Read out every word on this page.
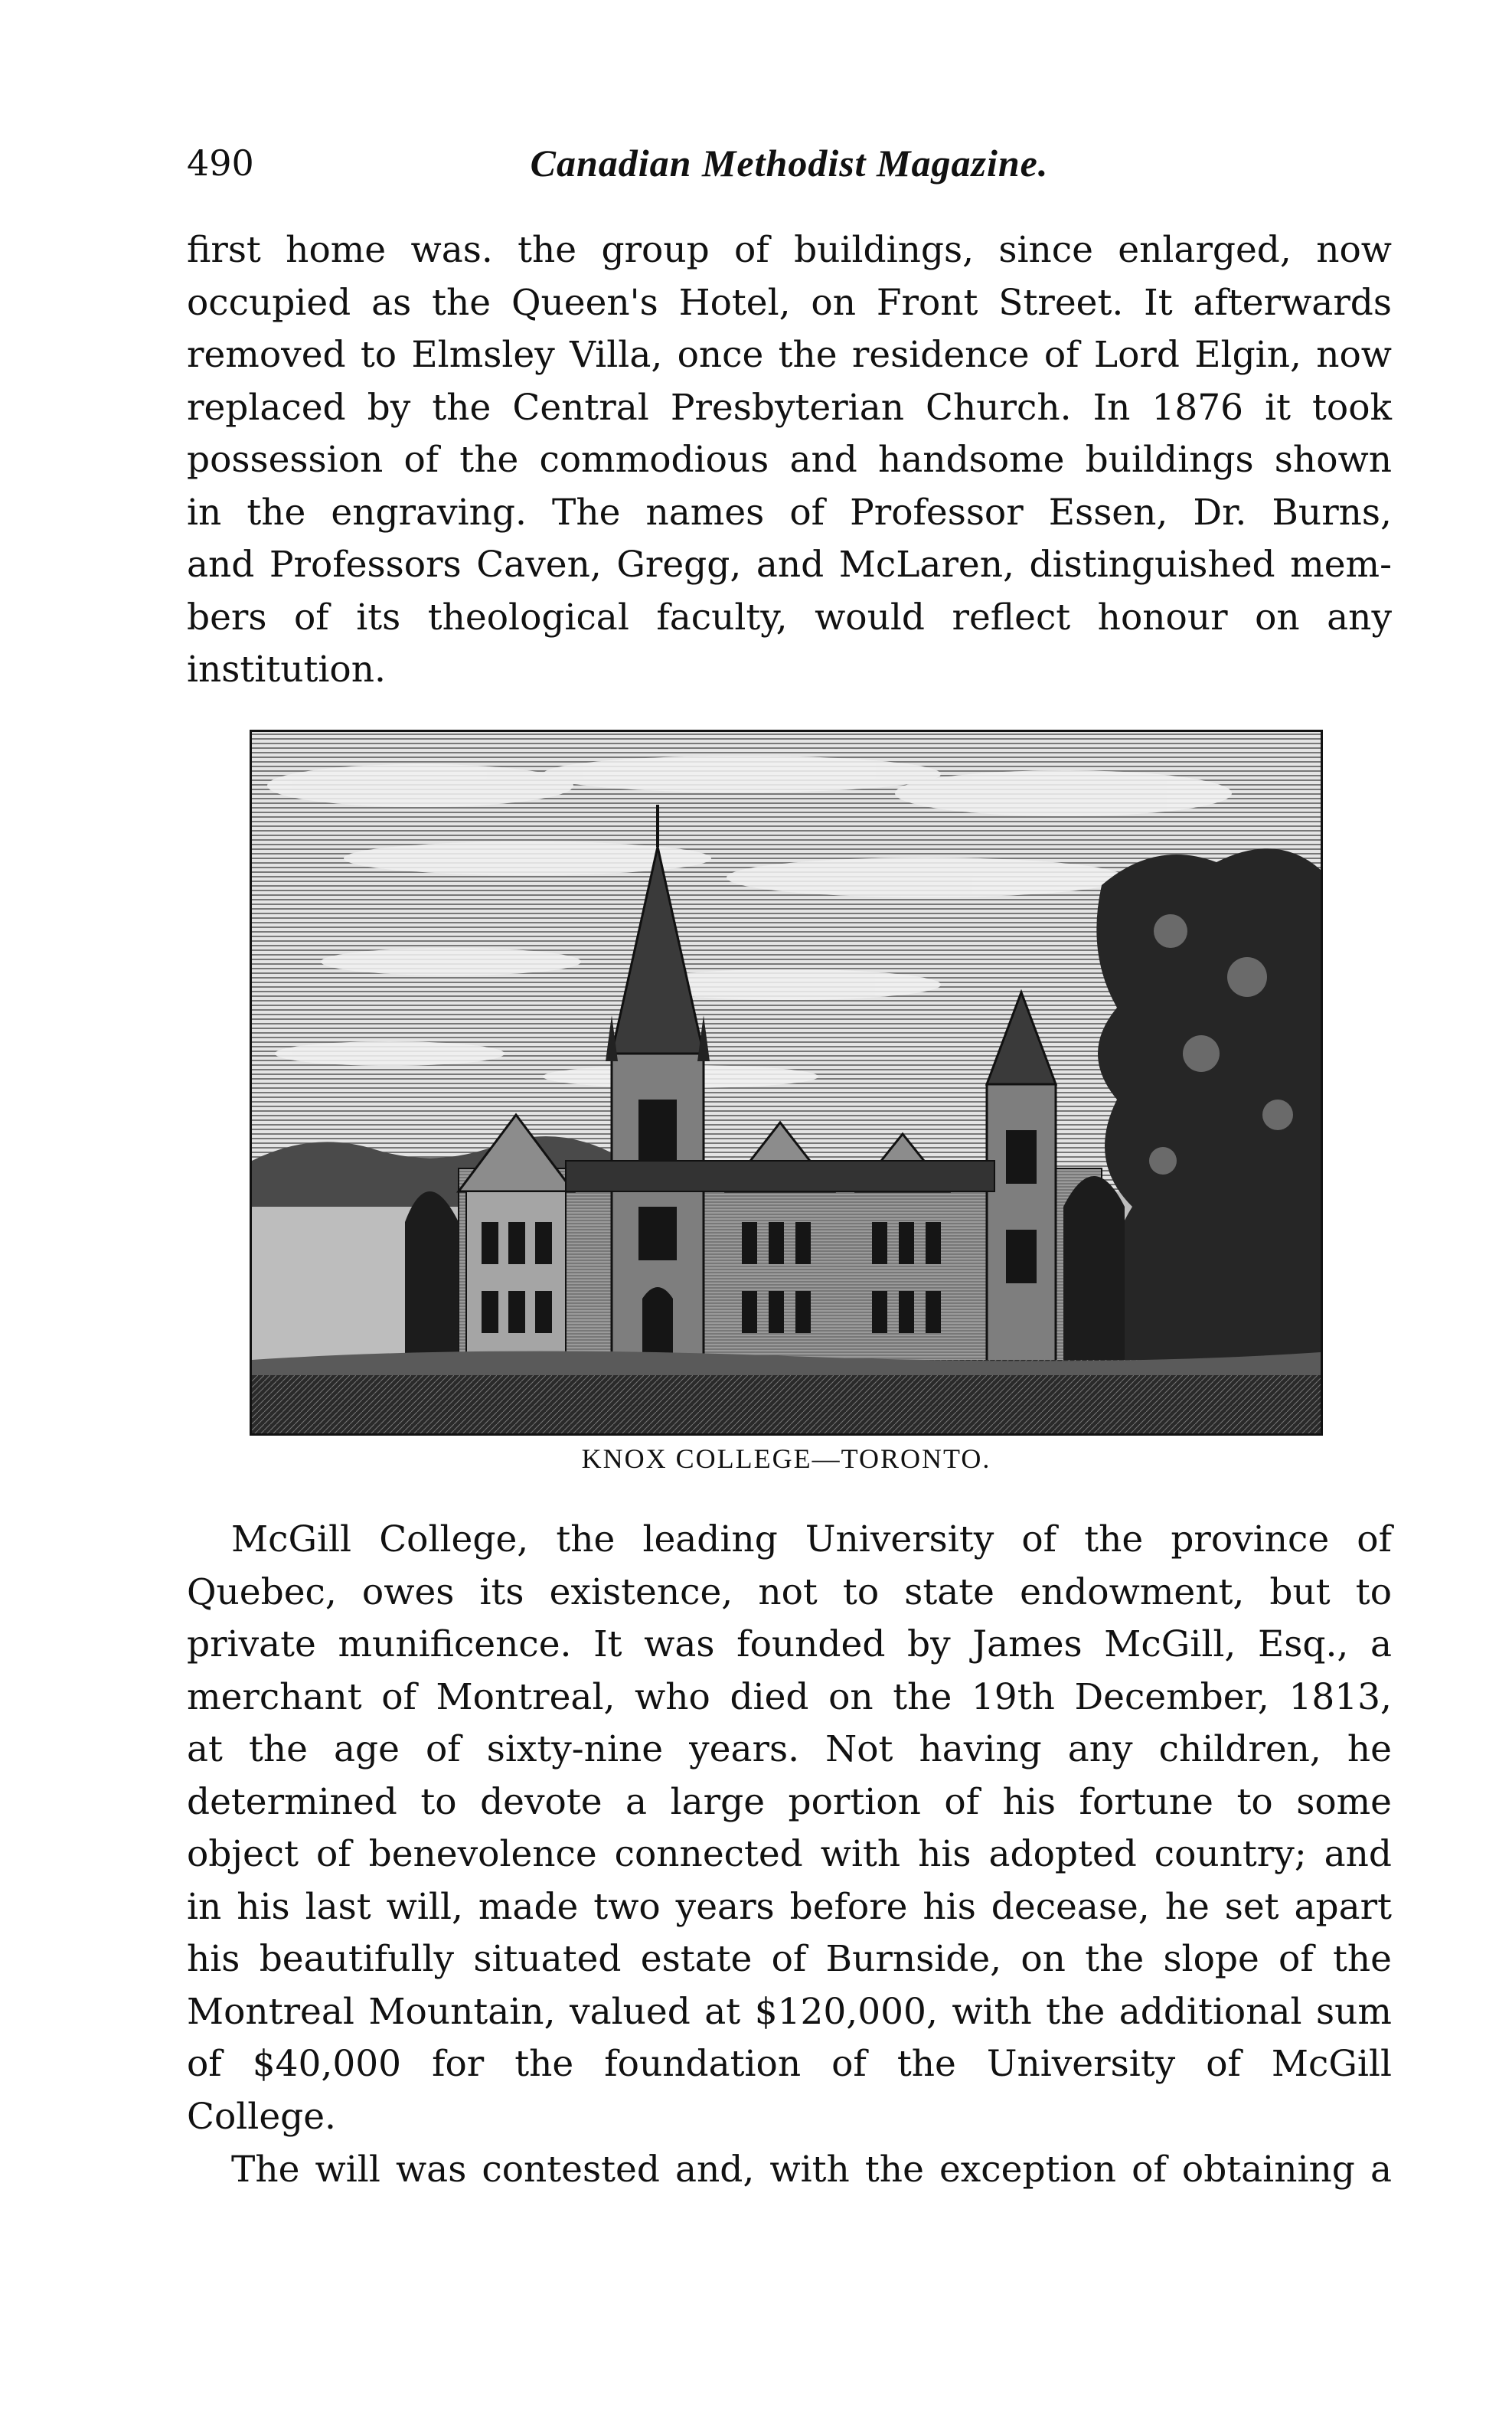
490	Canadian Methodist Magazine.

first home was. the group of buildings, since enlarged, now
occupied as the Queen's Hotel, on Front Street. It afterwards
removed to Elmsley Villa, once the residence of Lord Elgin, now
replaced by the Central Presbyterian Church. In 1876 it took
possession of the commodious and handsome buildings shown
in the engraving. The names of Professor Essen, Dr. Burns,
and Professors Caven, Gregg, and McLaren, distinguished mem-
bers of its theological faculty, would reflect honour on any
institution.

KNOX COLLEGE—TORONTO.

McGill College, the leading University of the province of
Quebec, owes its existence, not to state endowment, but to
private munificence. It was founded by James McGill, Esq., a
merchant of Montreal, who died on the 19th December, 1813,
at the age of sixty-nine years. Not having any children, he
determined to devote a large portion of his fortune to some
object of benevolence connected with his adopted country; and
in his last will, made two years before his decease, he set apart
his beautifully situated estate of Burnside, on the slope of the
Montreal Mountain, valued at $120,000, with the additional sum
of $40,000 for the foundation of the University of McGill
College.

The will was contested and, with the exception of obtaining a
